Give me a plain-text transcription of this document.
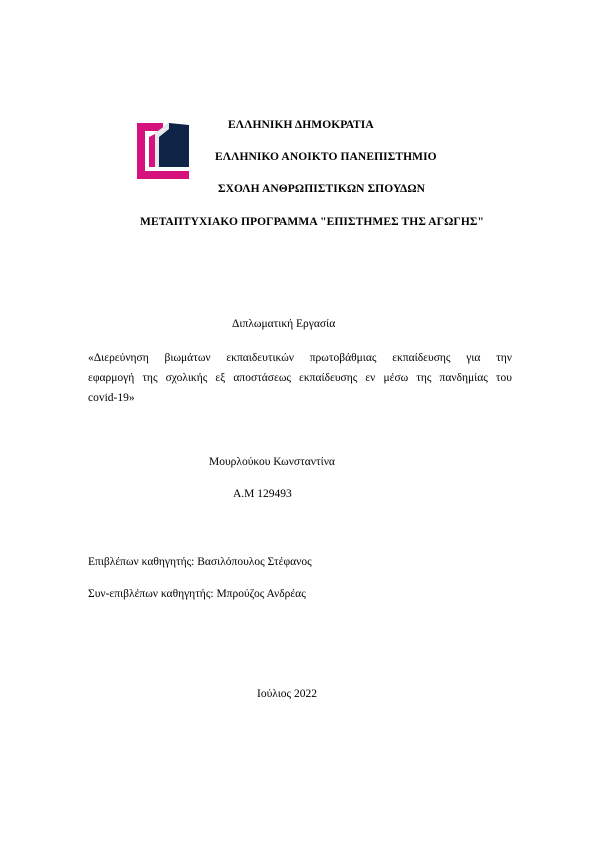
ΕΛΛΗΝΙΚΗ ΔΗΜΟΚΡΑΤΙΑ
ΕΛΛΗΝΙΚΟ ΑΝΟΙΚΤΟ ΠΑΝΕΠΙΣΤΗΜΙΟ
ΣΧΟΛΗ ΑΝΘΡΩΠΙΣΤΙΚΩΝ ΣΠΟΥΔΩΝ
ΜΕΤΑΠΤΥΧΙΑΚΟ ΠΡΟΓΡΑΜΜΑ "ΕΠΙΣΤΗΜΕΣ ΤΗΣ ΑΓΩΓΗΣ"
Διπλωματική Εργασία
«Διερεύνηση βιωμάτων εκπαιδευτικών πρωτοβάθμιας εκπαίδευσης για την
εφαρμογή της σχολικής εξ αποστάσεως εκπαίδευσης εν μέσω της πανδημίας του
covid-19»
Μουρλούκου Κωνσταντίνα
Α.Μ 129493
Επιβλέπων καθηγητής: Βασιλόπουλος Στέφανος
Συν-επιβλέπων καθηγητής: Μπρούζος Ανδρέας
Ιούλιος 2022
